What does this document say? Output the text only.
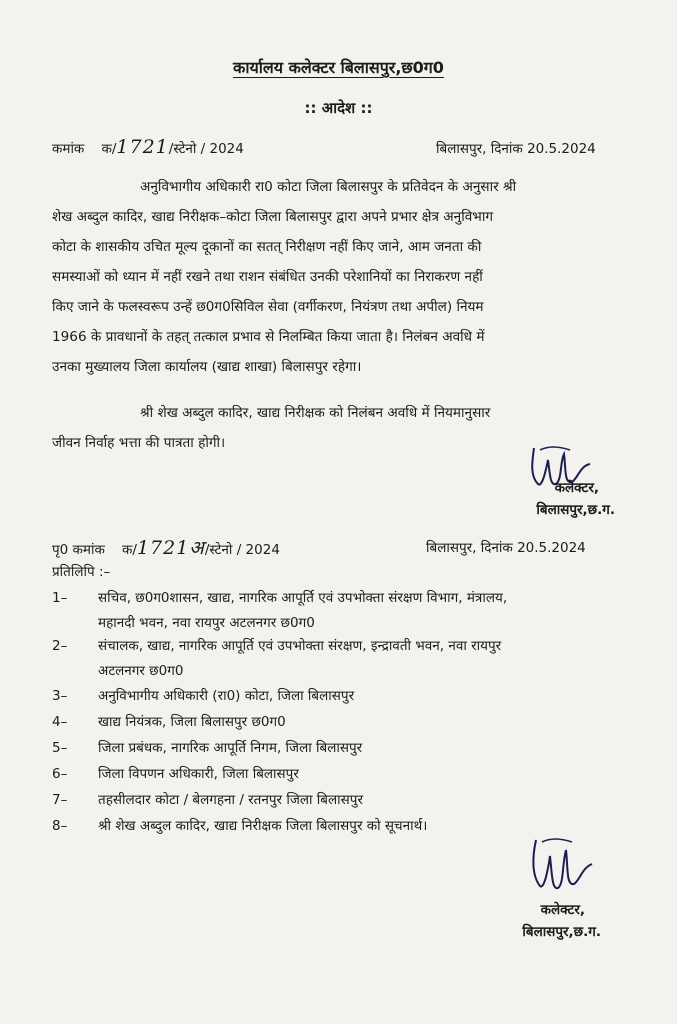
कार्यालय कलेक्टर बिलासपुर,छ0ग0
:: आदेश ::
कमांक क/1721/स्टेनो / 2024	बिलासपुर, दिनांक 20.5.2024
अनुविभागीय अधिकारी रा0 कोटा जिला बिलासपुर के प्रतिवेदन के अनुसार श्री
शेख अब्दुल कादिर, खाद्य निरीक्षक–कोटा जिला बिलासपुर द्वारा अपने प्रभार क्षेत्र अनुविभाग
कोटा के शासकीय उचित मूल्य दूकानों का सतत् निरीक्षण नहीं किए जाने, आम जनता की
समस्याओं को ध्यान में नहीं रखने तथा राशन संबंधित उनकी परेशानियों का निराकरण नहीं
किए जाने के फलस्वरूप उन्हें छ0ग0सिविल सेवा (वर्गीकरण, नियंत्रण तथा अपील) नियम
1966 के प्रावधानों के तहत् तत्काल प्रभाव से निलम्बित किया जाता है। निलंबन अवधि में
उनका मुख्यालय जिला कार्यालय (खाद्य शाखा) बिलासपुर रहेगा।
श्री शेख अब्दुल कादिर, खाद्य निरीक्षक को निलंबन अवधि में नियमानुसार
जीवन निर्वाह भत्ता की पात्रता होगी।
कलेक्टर,
बिलासपुर,छ.ग.
पृ0 कमांक क/1721अ/स्टेनो / 2024	बिलासपुर, दिनांक 20.5.2024
प्रतिलिपि :–
1– सचिव, छ0ग0शासन, खाद्य, नागरिक आपूर्ति एवं उपभोक्ता संरक्षण विभाग, मंत्रालय,
महानदी भवन, नवा रायपुर अटलनगर छ0ग0
2– संचालक, खाद्य, नागरिक आपूर्ति एवं उपभोक्ता संरक्षण, इन्द्रावती भवन, नवा रायपुर
अटलनगर छ0ग0
3– अनुविभागीय अधिकारी (रा0) कोटा, जिला बिलासपुर
4– खाद्य नियंत्रक, जिला बिलासपुर छ0ग0
5– जिला प्रबंधक, नागरिक आपूर्ति निगम, जिला बिलासपुर
6– जिला विपणन अधिकारी, जिला बिलासपुर
7– तहसीलदार कोटा / बेलगहना / रतनपुर जिला बिलासपुर
8– श्री शेख अब्दुल कादिर, खाद्य निरीक्षक जिला बिलासपुर को सूचनार्थ।
कलेक्टर,
बिलासपुर,छ.ग.
